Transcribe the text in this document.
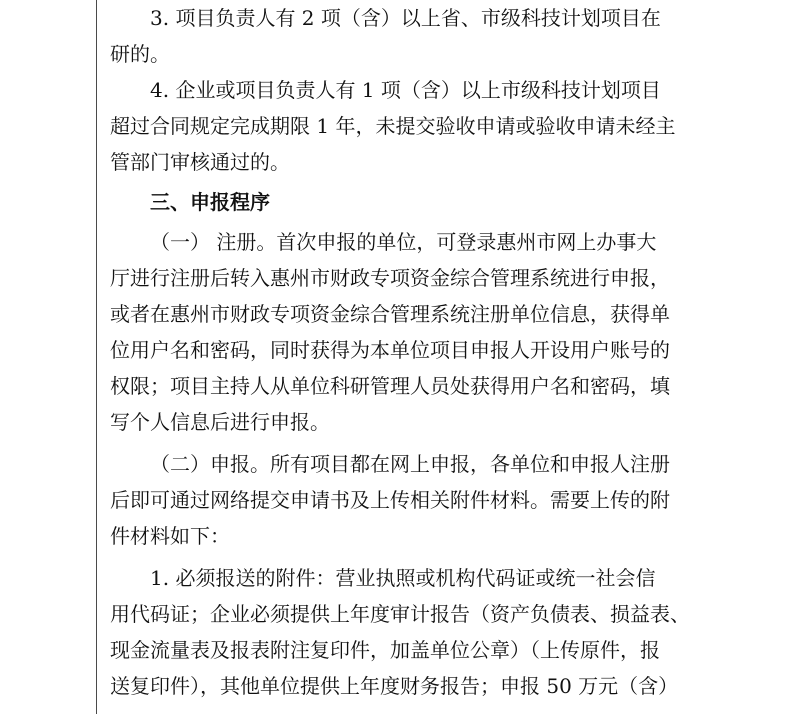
3. 项目负责人有 2 项（含）以上省、市级科技计划项目在
研的。
4. 企业或项目负责人有 1 项（含）以上市级科技计划项目
超过合同规定完成期限 1 年，未提交验收申请或验收申请未经主
管部门审核通过的。
三、申报程序
（一） 注册。首次申报的单位，可登录惠州市网上办事大
厅进行注册后转入惠州市财政专项资金综合管理系统进行申报，
或者在惠州市财政专项资金综合管理系统注册单位信息，获得单
位用户名和密码，同时获得为本单位项目申报人开设用户账号的
权限；项目主持人从单位科研管理人员处获得用户名和密码，填
写个人信息后进行申报。
（二）申报。所有项目都在网上申报，各单位和申报人注册
后即可通过网络提交申请书及上传相关附件材料。需要上传的附
件材料如下：
1. 必须报送的附件：营业执照或机构代码证或统一社会信
用代码证；企业必须提供上年度审计报告（资产负债表、损益表、
现金流量表及报表附注复印件，加盖单位公章）（上传原件，报
送复印件），其他单位提供上年度财务报告；申报 50 万元（含）
